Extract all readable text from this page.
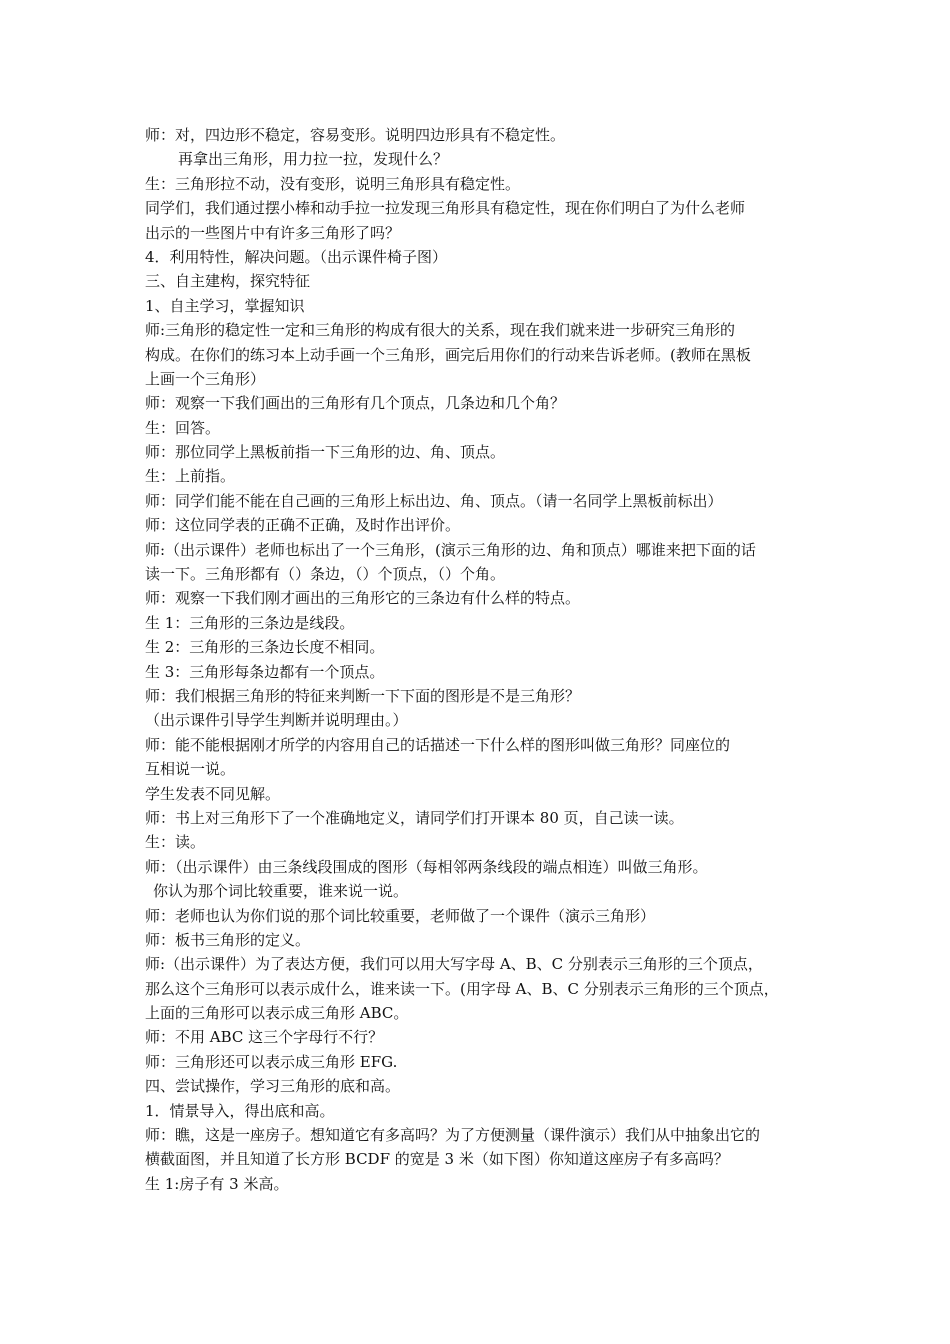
师：对，四边形不稳定，容易变形。说明四边形具有不稳定性。
再拿出三角形，用力拉一拉，发现什么？
生：三角形拉不动，没有变形，说明三角形具有稳定性。
同学们，我们通过摆小棒和动手拉一拉发现三角形具有稳定性，现在你们明白了为什么老师
出示的一些图片中有许多三角形了吗？
4．利用特性，解决问题。（出示课件椅子图）
三、自主建构，探究特征
1、自主学习，掌握知识
师:三角形的稳定性一定和三角形的构成有很大的关系，现在我们就来进一步研究三角形的
构成。在你们的练习本上动手画一个三角形，画完后用你们的行动来告诉老师。(教师在黑板
上画一个三角形）
师：观察一下我们画出的三角形有几个顶点，几条边和几个角？
生：回答。
师：那位同学上黑板前指一下三角形的边、角、顶点。
生：上前指。
师：同学们能不能在自己画的三角形上标出边、角、顶点。（请一名同学上黑板前标出）
师：这位同学表的正确不正确，及时作出评价。
师:（出示课件）老师也标出了一个三角形，(演示三角形的边、角和顶点）哪谁来把下面的话
读一下。三角形都有（）条边，（）个顶点，（）个角。
师：观察一下我们刚才画出的三角形它的三条边有什么样的特点。
生 1：三角形的三条边是线段。
生 2：三角形的三条边长度不相同。
生 3：三角形每条边都有一个顶点。
师：我们根据三角形的特征来判断一下下面的图形是不是三角形？
（出示课件引导学生判断并说明理由。）
师：能不能根据刚才所学的内容用自己的话描述一下什么样的图形叫做三角形？同座位的
互相说一说。
学生发表不同见解。
师：书上对三角形下了一个准确地定义，请同学们打开课本 80 页，自己读一读。
生：读。
师：（出示课件）由三条线段围成的图形（每相邻两条线段的端点相连）叫做三角形。
你认为那个词比较重要，谁来说一说。
师：老师也认为你们说的那个词比较重要，老师做了一个课件（演示三角形）
师：板书三角形的定义。
师:（出示课件）为了表达方便，我们可以用大写字母 A、B、C 分别表示三角形的三个顶点，
那么这个三角形可以表示成什么，谁来读一下。(用字母 A、B、C 分别表示三角形的三个顶点，
上面的三角形可以表示成三角形 ABC。
师：不用 ABC 这三个字母行不行？
师：三角形还可以表示成三角形 EFG.
四、尝试操作，学习三角形的底和高。
1．情景导入，得出底和高。
师：瞧，这是一座房子。想知道它有多高吗？为了方便测量（课件演示）我们从中抽象出它的
横截面图，并且知道了长方形 BCDF 的宽是 3 米（如下图）你知道这座房子有多高吗？
生 1:房子有 3 米高。
